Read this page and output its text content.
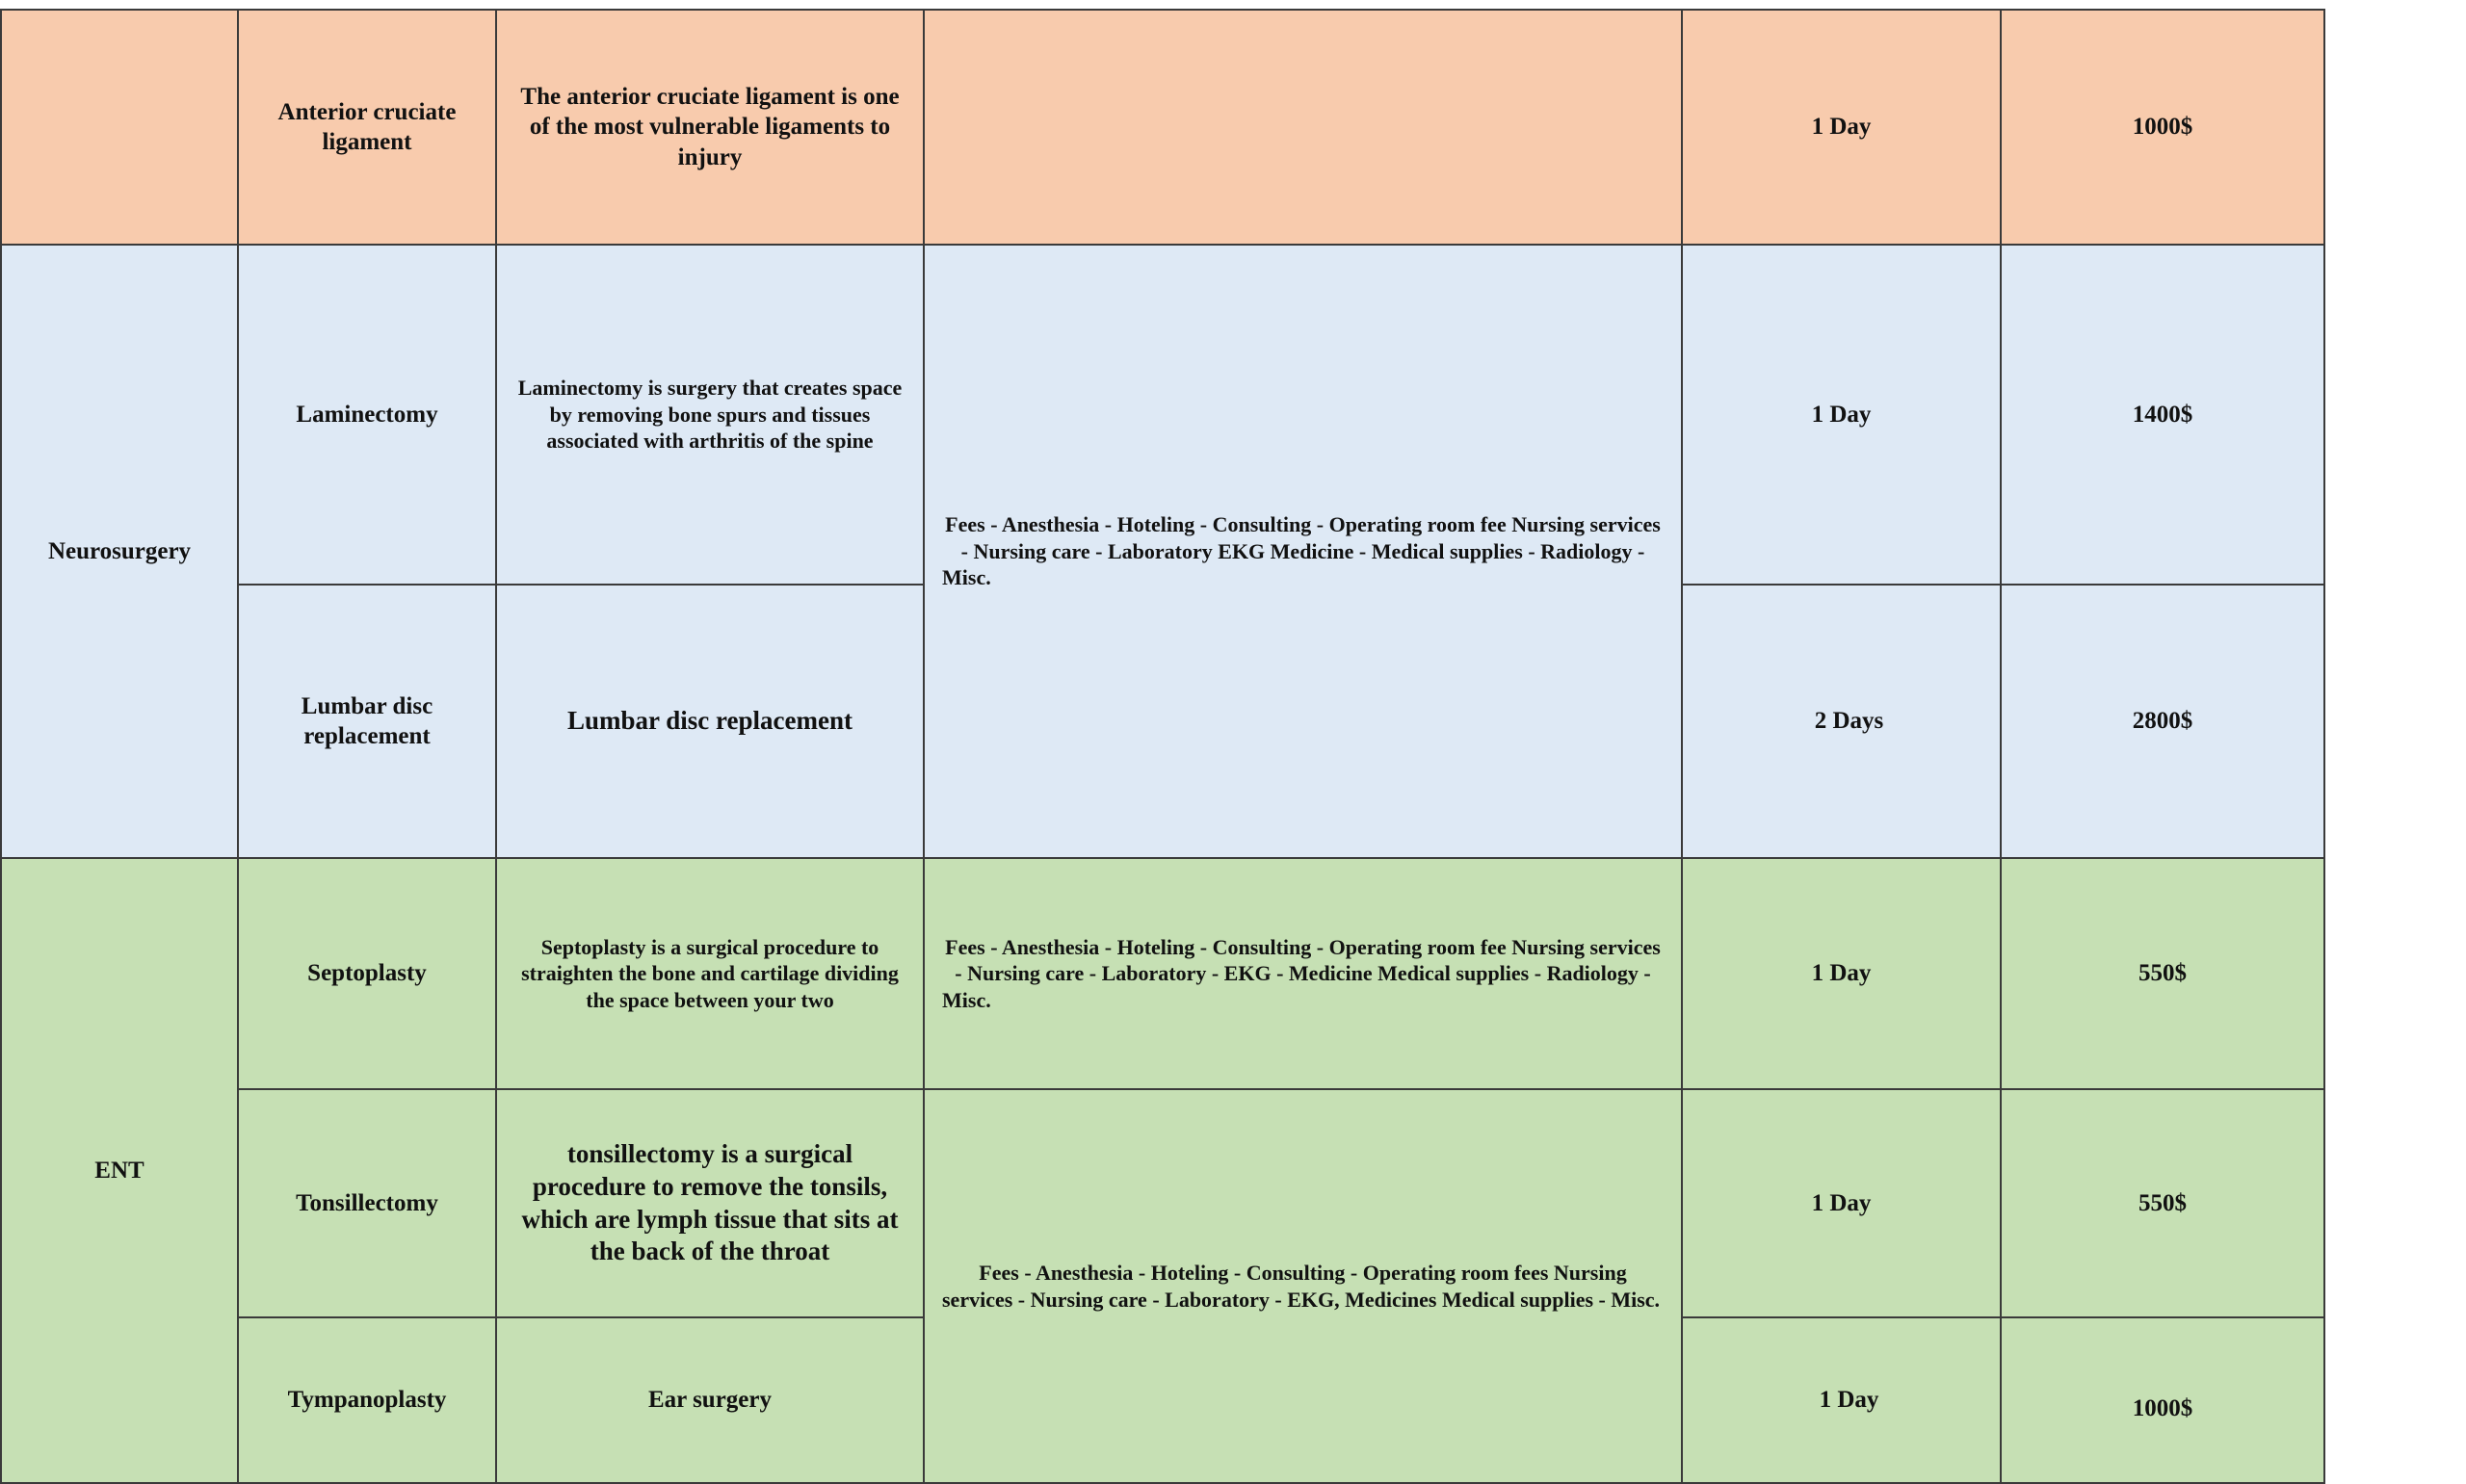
	Anterior cruciate ligament	The anterior cruciate ligament is one of the most vulnerable ligaments to injury		1 Day	1000$
Neurosurgery	Laminectomy	Laminectomy is surgery that creates space by removing bone spurs and tissues associated with arthritis of the spine	Fees - Anesthesia - Hoteling - Consulting - Operating room fee Nursing services - Nursing care - Laboratory EKG Medicine - Medical supplies - Radiology - Misc.	1 Day	1400$
	Lumbar disc replacement	Lumbar disc replacement		2 Days	2800$
ENT	Septoplasty	Septoplasty is a surgical procedure to straighten the bone and cartilage dividing the space between your two	Fees - Anesthesia - Hoteling - Consulting - Operating room fee Nursing services - Nursing care - Laboratory - EKG - Medicine Medical supplies - Radiology - Misc.	1 Day	550$
	Tonsillectomy	tonsillectomy is a surgical procedure to remove the tonsils, which are lymph tissue that sits at the back of the throat	Fees - Anesthesia - Hoteling - Consulting - Operating room fees Nursing services - Nursing care - Laboratory - EKG, Medicines Medical supplies - Misc.	1 Day	550$
	Tympanoplasty	Ear surgery		1 Day	1000$
